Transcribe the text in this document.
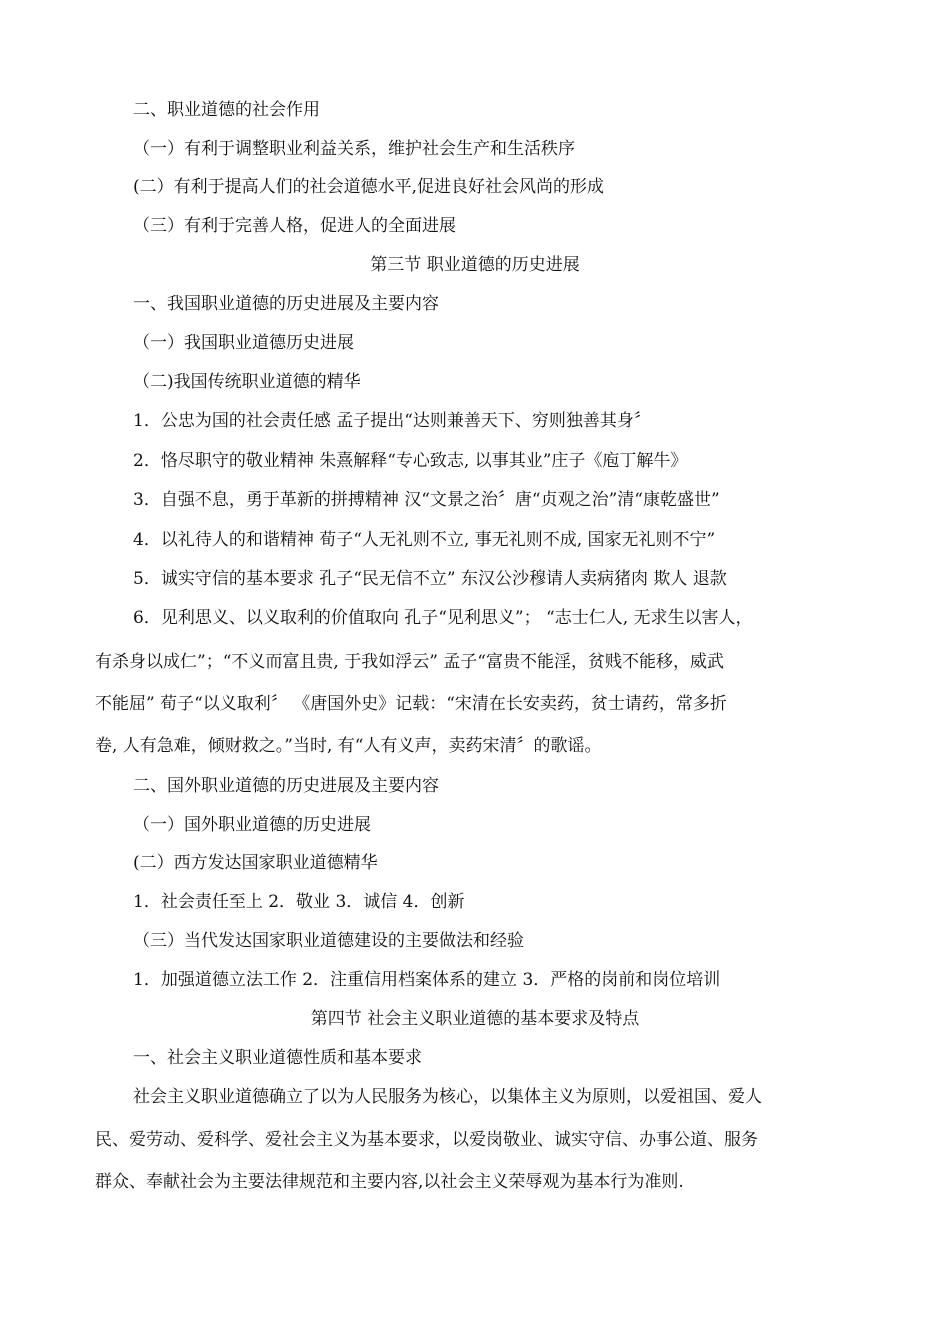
二、职业道德的社会作用
（一）有利于调整职业利益关系，维护社会生产和生活秩序
(二）有利于提高人们的社会道德水平,促进良好社会风尚的形成
（三）有利于完善人格，促进人的全面进展
第三节 职业道德的历史进展
一、我国职业道德的历史进展及主要内容
（一）我国职业道德历史进展
（二)我国传统职业道德的精华
1．公忠为国的社会责任感 孟子提出“达则兼善天下、穷则独善其身〞
2．恪尽职守的敬业精神 朱熹解释“专心致志, 以事其业”庄子《庖丁解牛》
3．自强不息，勇于革新的拼搏精神 汉“文景之治〞唐“贞观之治”清“康乾盛世”
4．以礼待人的和谐精神 荀子“人无礼则不立, 事无礼则不成, 国家无礼则不宁”
5．诚实守信的基本要求 孔子“民无信不立” 东汉公沙穆请人卖病猪肉 欺人 退款
6．见利思义、以义取利的价值取向 孔子“见利思义”； “志士仁人, 无求生以害人，
有杀身以成仁”；“不义而富且贵, 于我如浮云” 孟子“富贵不能淫，贫贱不能移，威武
不能屈” 荀子“以义取利〞 《唐国外史》记载：“宋清在长安卖药，贫士请药，常多折
卷, 人有急难，倾财救之。”当时, 有“人有义声，卖药宋清〞的歌谣。
二、国外职业道德的历史进展及主要内容
（一）国外职业道德的历史进展
(二）西方发达国家职业道德精华
1．社会责任至上 2．敬业 3．诚信 4．创新
（三）当代发达国家职业道德建设的主要做法和经验
1．加强道德立法工作 2．注重信用档案体系的建立 3．严格的岗前和岗位培训
第四节 社会主义职业道德的基本要求及特点
一、社会主义职业道德性质和基本要求
社会主义职业道德确立了以为人民服务为核心，以集体主义为原则，以爱祖国、爱人
民、爱劳动、爱科学、爱社会主义为基本要求，以爱岗敬业、诚实守信、办事公道、服务
群众、奉献社会为主要法律规范和主要内容,以社会主义荣辱观为基本行为准则.
